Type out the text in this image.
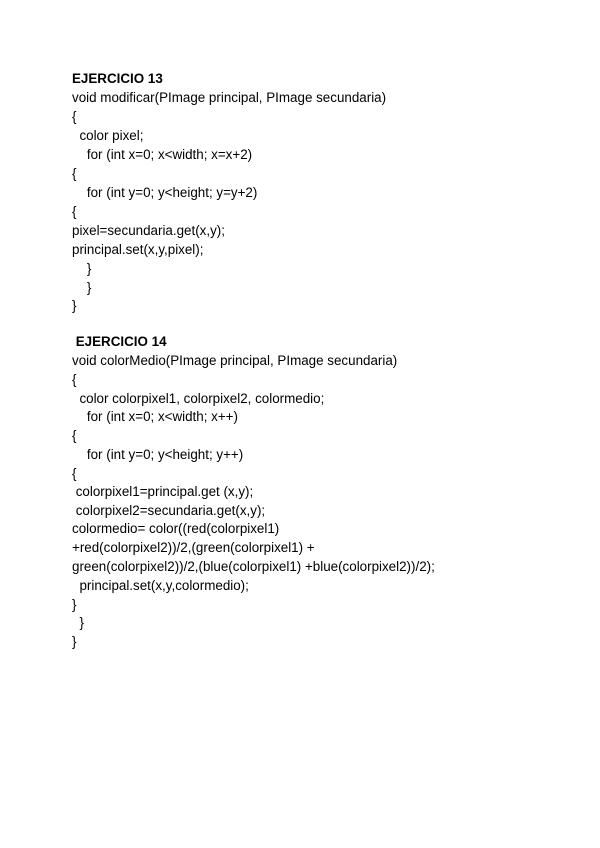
EJERCICIO 13
void modificar(PImage principal, PImage secundaria)
{
color pixel;
for (int x=0; x<width; x=x+2)
{
for (int y=0; y<height; y=y+2)
{
pixel=secundaria.get(x,y);
principal.set(x,y,pixel);
}
}
}
EJERCICIO 14
void colorMedio(PImage principal, PImage secundaria)
{
color colorpixel1, colorpixel2, colormedio;
for (int x=0; x<width; x++)
{
for (int y=0; y<height; y++)
{
colorpixel1=principal.get (x,y);
colorpixel2=secundaria.get(x,y);
colormedio= color((red(colorpixel1)
+red(colorpixel2))/2,(green(colorpixel1) +
green(colorpixel2))/2,(blue(colorpixel1) +blue(colorpixel2))/2);
principal.set(x,y,colormedio);
}
}
}
